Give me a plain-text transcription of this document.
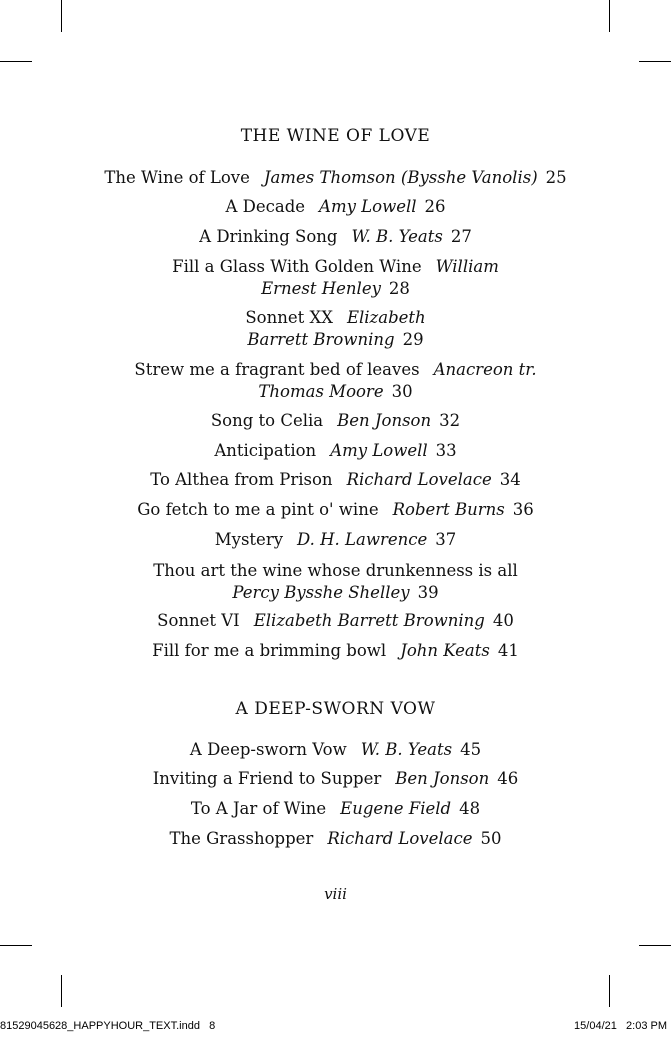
THE WINE OF LOVE
The Wine of Love James Thomson (Bysshe Vanolis) 25
A Decade Amy Lowell 26
A Drinking Song W. B. Yeats 27
Fill a Glass With Golden Wine William
Ernest Henley 28
Sonnet XX Elizabeth
Barrett Browning 29
Strew me a fragrant bed of leaves Anacreon tr.
Thomas Moore 30
Song to Celia Ben Jonson 32
Anticipation Amy Lowell 33
To Althea from Prison Richard Lovelace 34
Go fetch to me a pint o' wine Robert Burns 36
Mystery D. H. Lawrence 37
Thou art the wine whose drunkenness is all
Percy Bysshe Shelley 39
Sonnet VI Elizabeth Barrett Browning 40
Fill for me a brimming bowl John Keats 41
A DEEP-SWORN VOW
A Deep-sworn Vow W. B. Yeats 45
Inviting a Friend to Supper Ben Jonson 46
To A Jar of Wine Eugene Field 48
The Grasshopper Richard Lovelace 50
viii
81529045628_HAPPYHOUR_TEXT.indd   8	15/04/21   2:03 PM
